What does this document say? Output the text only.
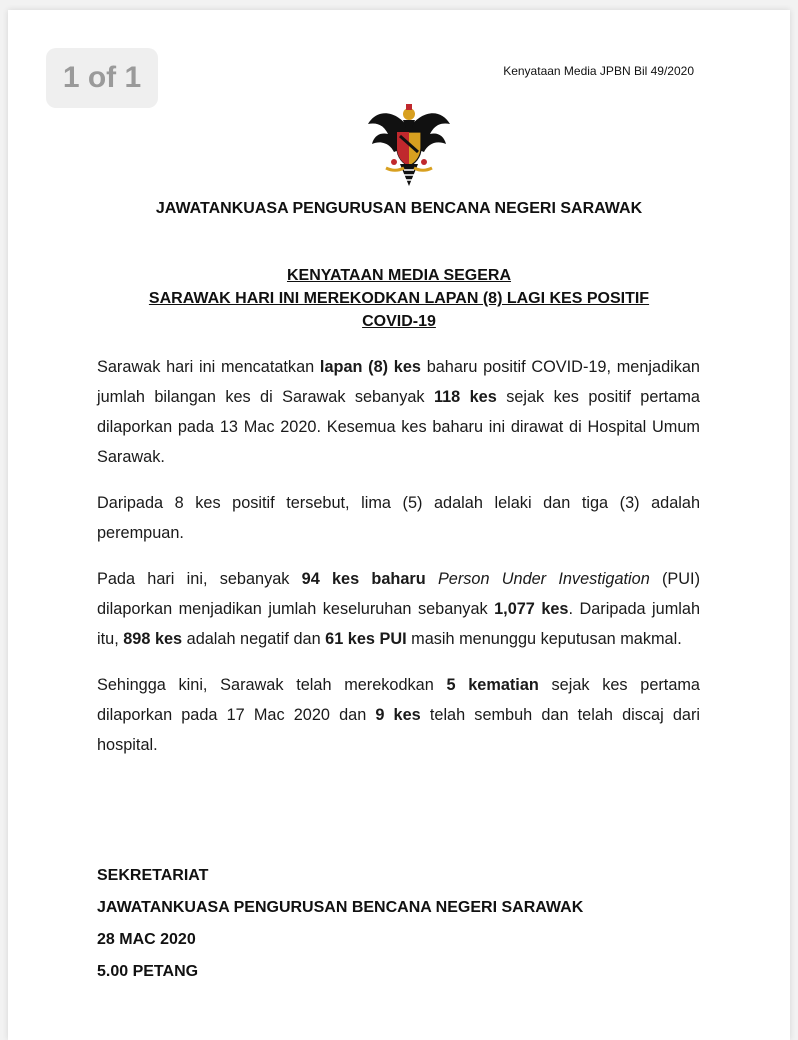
1 of 1	Kenyataan Media JPBN Bil 49/2020
JAWATANKUASA PENGURUSAN BENCANA NEGERI SARAWAK
KENYATAAN MEDIA SEGERA
SARAWAK HARI INI MEREKODKAN LAPAN (8) LAGI KES POSITIF
COVID-19

Sarawak hari ini mencatatkan lapan (8) kes baharu positif COVID-19, menjadikan jumlah bilangan kes di Sarawak sebanyak 118 kes sejak kes positif pertama dilaporkan pada 13 Mac 2020. Kesemua kes baharu ini dirawat di Hospital Umum Sarawak.

Daripada 8 kes positif tersebut, lima (5) adalah lelaki dan tiga (3) adalah perempuan.

Pada hari ini, sebanyak 94 kes baharu Person Under Investigation (PUI) dilaporkan menjadikan jumlah keseluruhan sebanyak 1,077 kes. Daripada jumlah itu, 898 kes adalah negatif dan 61 kes PUI masih menunggu keputusan makmal.

Sehingga kini, Sarawak telah merekodkan 5 kematian sejak kes pertama dilaporkan pada 17 Mac 2020 dan 9 kes telah sembuh dan telah discaj dari hospital.

SEKRETARIAT
JAWATANKUASA PENGURUSAN BENCANA NEGERI SARAWAK
28 MAC 2020
5.00 PETANG
